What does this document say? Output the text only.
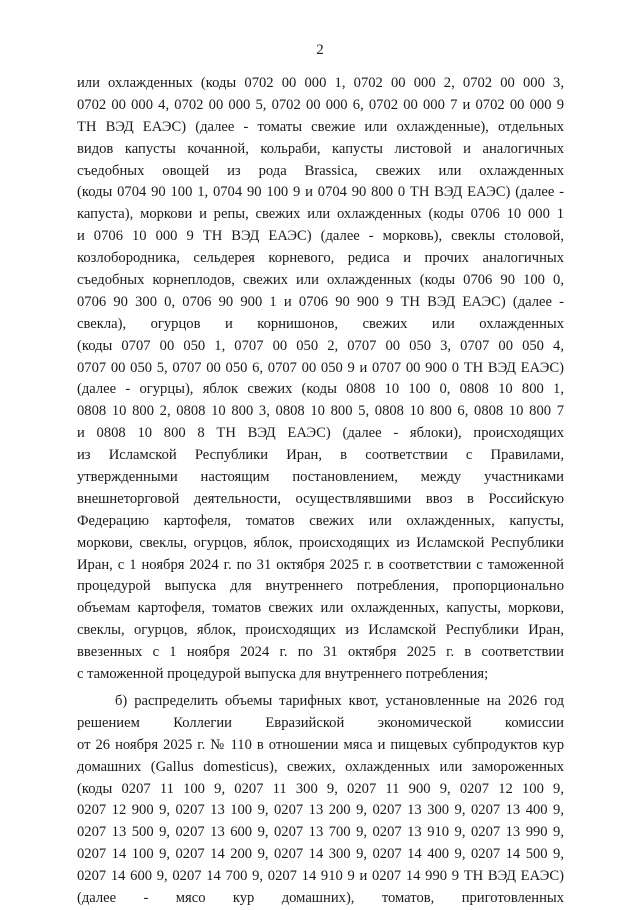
2
или охлажденных (коды 0702 00 000 1, 0702 00 000 2, 0702 00 000 3,
0702 00 000 4, 0702 00 000 5, 0702 00 000 6, 0702 00 000 7 и 0702 00 000 9
ТН ВЭД ЕАЭС) (далее - томаты свежие или охлажденные), отдельных
видов капусты кочанной, кольраби, капусты листовой и аналогичных
съедобных овощей из рода Brassica, свежих или охлажденных
(коды 0704 90 100 1, 0704 90 100 9 и 0704 90 800 0 ТН ВЭД ЕАЭС) (далее -
капуста), моркови и репы, свежих или охлажденных (коды 0706 10 000 1
и 0706 10 000 9 ТН ВЭД ЕАЭС) (далее - морковь), свеклы столовой,
козлобородника, сельдерея корневого, редиса и прочих аналогичных
съедобных корнеплодов, свежих или охлажденных (коды 0706 90 100 0,
0706 90 300 0, 0706 90 900 1 и 0706 90 900 9 ТН ВЭД ЕАЭС) (далее -
свекла), огурцов и корнишонов, свежих или охлажденных
(коды 0707 00 050 1, 0707 00 050 2, 0707 00 050 3, 0707 00 050 4,
0707 00 050 5, 0707 00 050 6, 0707 00 050 9 и 0707 00 900 0 ТН ВЭД ЕАЭС)
(далее - огурцы), яблок свежих (коды 0808 10 100 0, 0808 10 800 1,
0808 10 800 2, 0808 10 800 3, 0808 10 800 5, 0808 10 800 6, 0808 10 800 7
и 0808 10 800 8 ТН ВЭД ЕАЭС) (далее - яблоки), происходящих
из Исламской Республики Иран, в соответствии с Правилами,
утвержденными настоящим постановлением, между участниками
внешнеторговой деятельности, осуществлявшими ввоз в Российскую
Федерацию картофеля, томатов свежих или охлажденных, капусты,
моркови, свеклы, огурцов, яблок, происходящих из Исламской Республики
Иран, с 1 ноября 2024 г. по 31 октября 2025 г. в соответствии с таможенной
процедурой выпуска для внутреннего потребления, пропорционально
объемам картофеля, томатов свежих или охлажденных, капусты, моркови,
свеклы, огурцов, яблок, происходящих из Исламской Республики Иран,
ввезенных с 1 ноября 2024 г. по 31 октября 2025 г. в соответствии
с таможенной процедурой выпуска для внутреннего потребления;
б) распределить объемы тарифных квот, установленные на 2026 год
решением Коллегии Евразийской экономической комиссии
от 26 ноября 2025 г. № 110 в отношении мяса и пищевых субпродуктов кур
домашних (Gallus domesticus), свежих, охлажденных или замороженных
(коды 0207 11 100 9, 0207 11 300 9, 0207 11 900 9, 0207 12 100 9,
0207 12 900 9, 0207 13 100 9, 0207 13 200 9, 0207 13 300 9, 0207 13 400 9,
0207 13 500 9, 0207 13 600 9, 0207 13 700 9, 0207 13 910 9, 0207 13 990 9,
0207 14 100 9, 0207 14 200 9, 0207 14 300 9, 0207 14 400 9, 0207 14 500 9,
0207 14 600 9, 0207 14 700 9, 0207 14 910 9 и 0207 14 990 9 ТН ВЭД ЕАЭС)
(далее - мясо кур домашних), томатов, приготовленных
